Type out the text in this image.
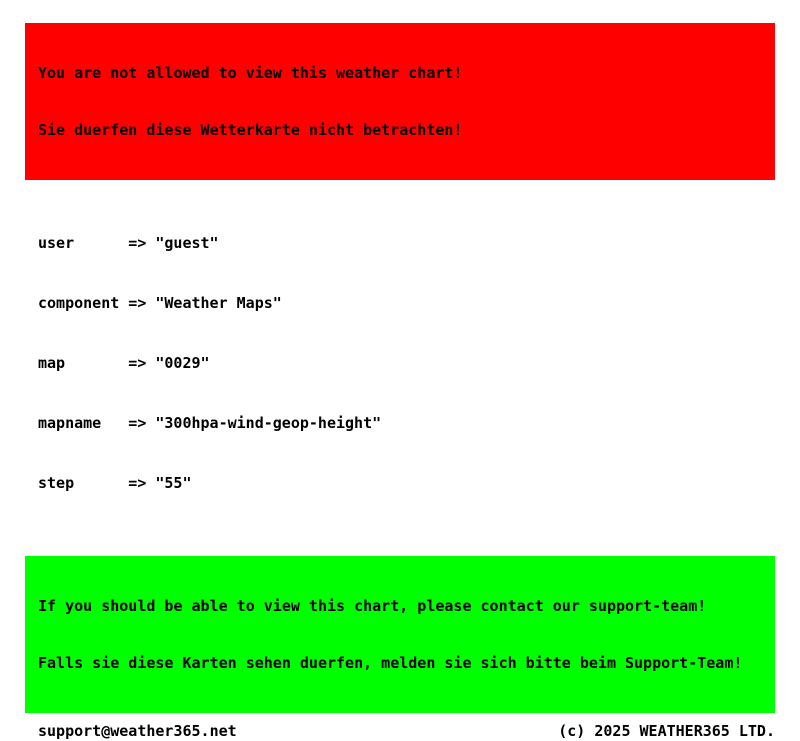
You are not allowed to view this weather chart!

Sie duerfen diese Wetterkarte nicht betrachten!

user	=> "guest"

component => "Weather Maps"

map	=> "0029"

mapname => "300hpa-wind-geop-height"

step	=> "55"

If you should be able to view this chart, please contact our support-team!

Falls sie diese Karten sehen duerfen, melden sie sich bitte beim Support-Team!

support@weather365.net	(c) 2025 WEATHER365 LTD.
